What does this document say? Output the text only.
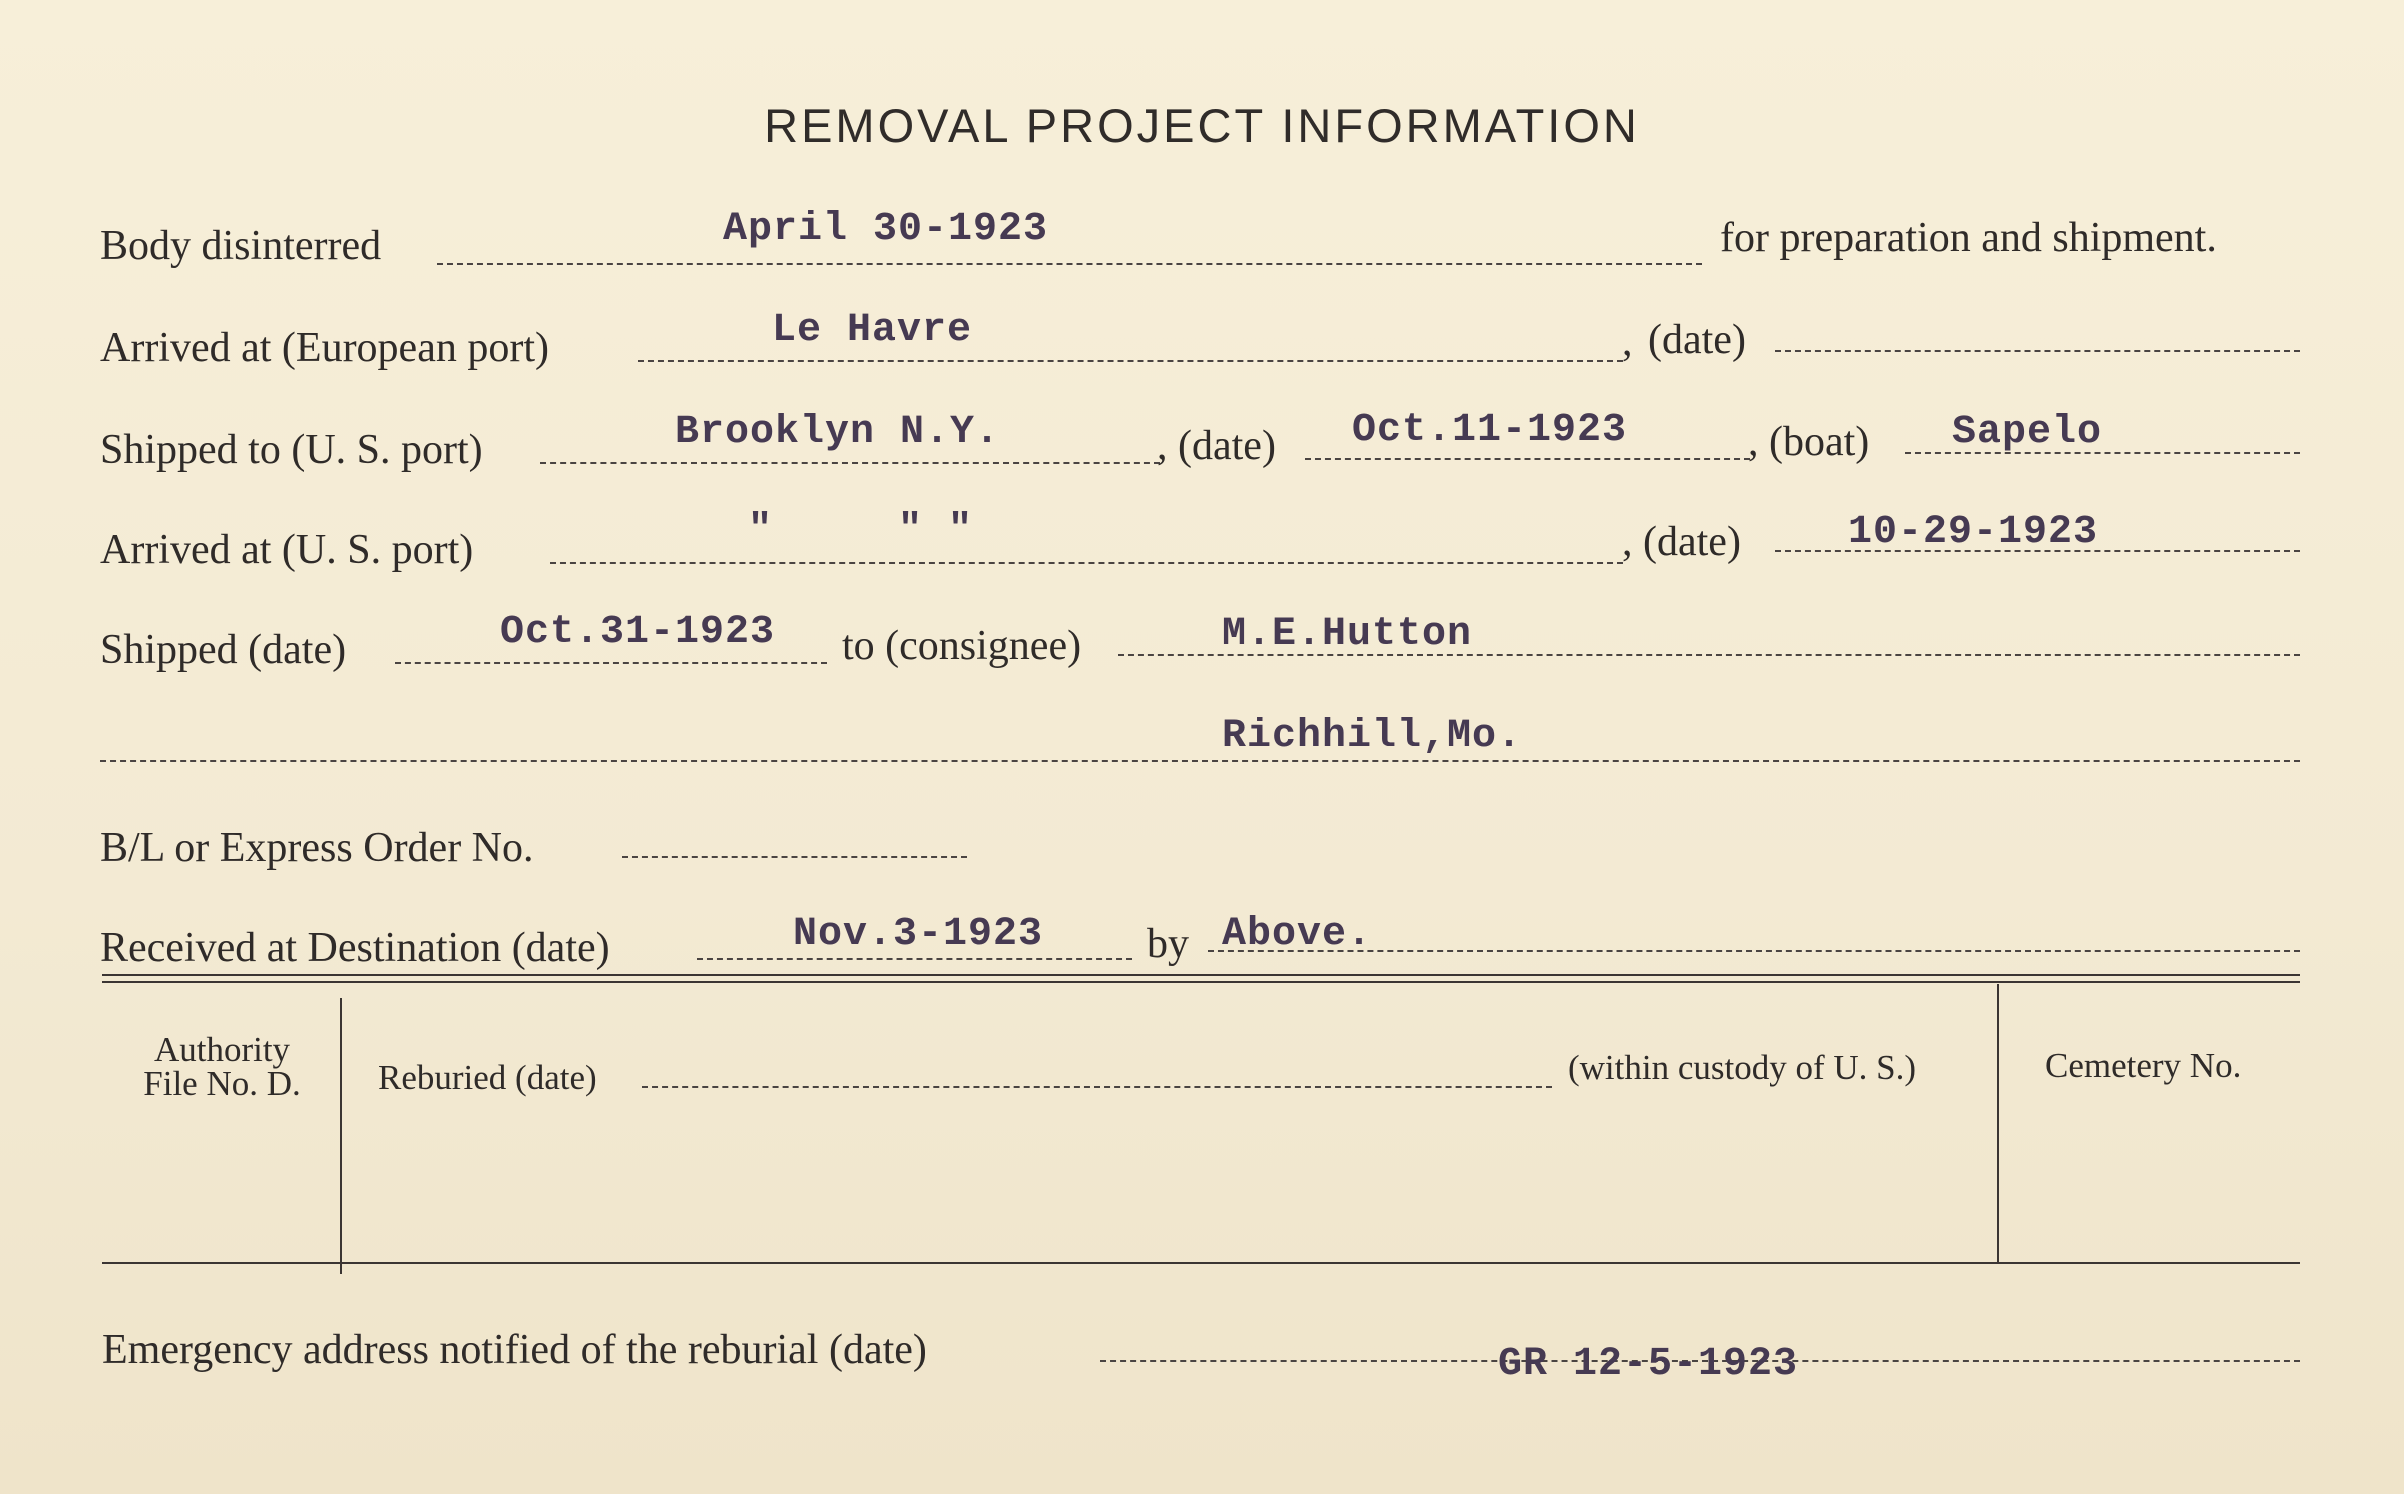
REMOVAL PROJECT INFORMATION
Body disinterred	April 30-1923	for preparation and shipment.
Arrived at (European port)	Le Havre	, (date)
Shipped to (U. S. port)	Brooklyn N.Y.	, (date) Oct.11-1923	, (boat) Sapelo
Arrived at (U. S. port)	"     " "	, (date)	10-29-1923
Shipped (date)	Oct.31-1923 to (consignee)	M.E.Hutton
Richhill,Mo.
B/L or Express Order No.
Received at Destination (date)	Nov.3-1923 by Above.
Authority
File No. D.	Reburied (date)	(within custody of U. S.)	Cemetery No.
Emergency address notified of the reburial (date)	GR 12-5-1923
